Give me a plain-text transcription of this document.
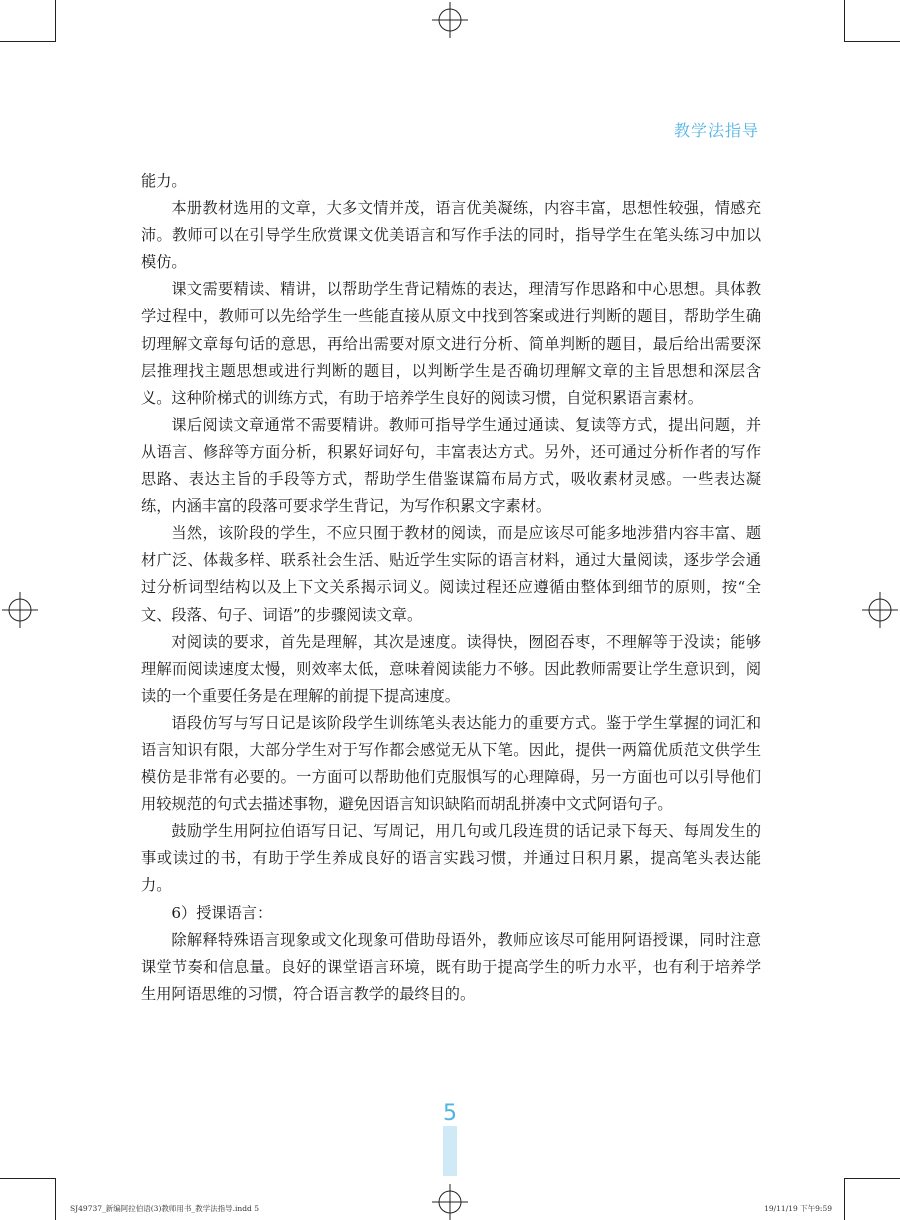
教学法指导

能力。

本册教材选用的文章，大多文情并茂，语言优美凝练，内容丰富，思想性较强，情感充沛。教师可以在引导学生欣赏课文优美语言和写作手法的同时，指导学生在笔头练习中加以模仿。

课文需要精读、精讲，以帮助学生背记精炼的表达，理清写作思路和中心思想。具体教学过程中，教师可以先给学生一些能直接从原文中找到答案或进行判断的题目，帮助学生确切理解文章每句话的意思，再给出需要对原文进行分析、简单判断的题目，最后给出需要深层推理找主题思想或进行判断的题目，以判断学生是否确切理解文章的主旨思想和深层含义。这种阶梯式的训练方式，有助于培养学生良好的阅读习惯，自觉积累语言素材。

课后阅读文章通常不需要精讲。教师可指导学生通过通读、复读等方式，提出问题，并从语言、修辞等方面分析，积累好词好句，丰富表达方式。另外，还可通过分析作者的写作思路、表达主旨的手段等方式，帮助学生借鉴谋篇布局方式，吸收素材灵感。一些表达凝练，内涵丰富的段落可要求学生背记，为写作积累文字素材。

当然，该阶段的学生，不应只囿于教材的阅读，而是应该尽可能多地涉猎内容丰富、题材广泛、体裁多样、联系社会生活、贴近学生实际的语言材料，通过大量阅读，逐步学会通过分析词型结构以及上下文关系揭示词义。阅读过程还应遵循由整体到细节的原则，按“全文、段落、句子、词语”的步骤阅读文章。

对阅读的要求，首先是理解，其次是速度。读得快，囫囵吞枣，不理解等于没读；能够理解而阅读速度太慢，则效率太低，意味着阅读能力不够。因此教师需要让学生意识到，阅读的一个重要任务是在理解的前提下提高速度。

语段仿写与写日记是该阶段学生训练笔头表达能力的重要方式。鉴于学生掌握的词汇和语言知识有限，大部分学生对于写作都会感觉无从下笔。因此，提供一两篇优质范文供学生模仿是非常有必要的。一方面可以帮助他们克服惧写的心理障碍，另一方面也可以引导他们用较规范的句式去描述事物，避免因语言知识缺陷而胡乱拼凑中文式阿语句子。

鼓励学生用阿拉伯语写日记、写周记，用几句或几段连贯的话记录下每天、每周发生的事或读过的书，有助于学生养成良好的语言实践习惯，并通过日积月累，提高笔头表达能力。

6）授课语言：

除解释特殊语言现象或文化现象可借助母语外，教师应该尽可能用阿语授课，同时注意课堂节奏和信息量。良好的课堂语言环境，既有助于提高学生的听力水平，也有利于培养学生用阿语思维的习惯，符合语言教学的最终目的。

5
SJ49737_新编阿拉伯语(3)教师用书_教学法指导.indd 5	19/11/19 下午9:59
